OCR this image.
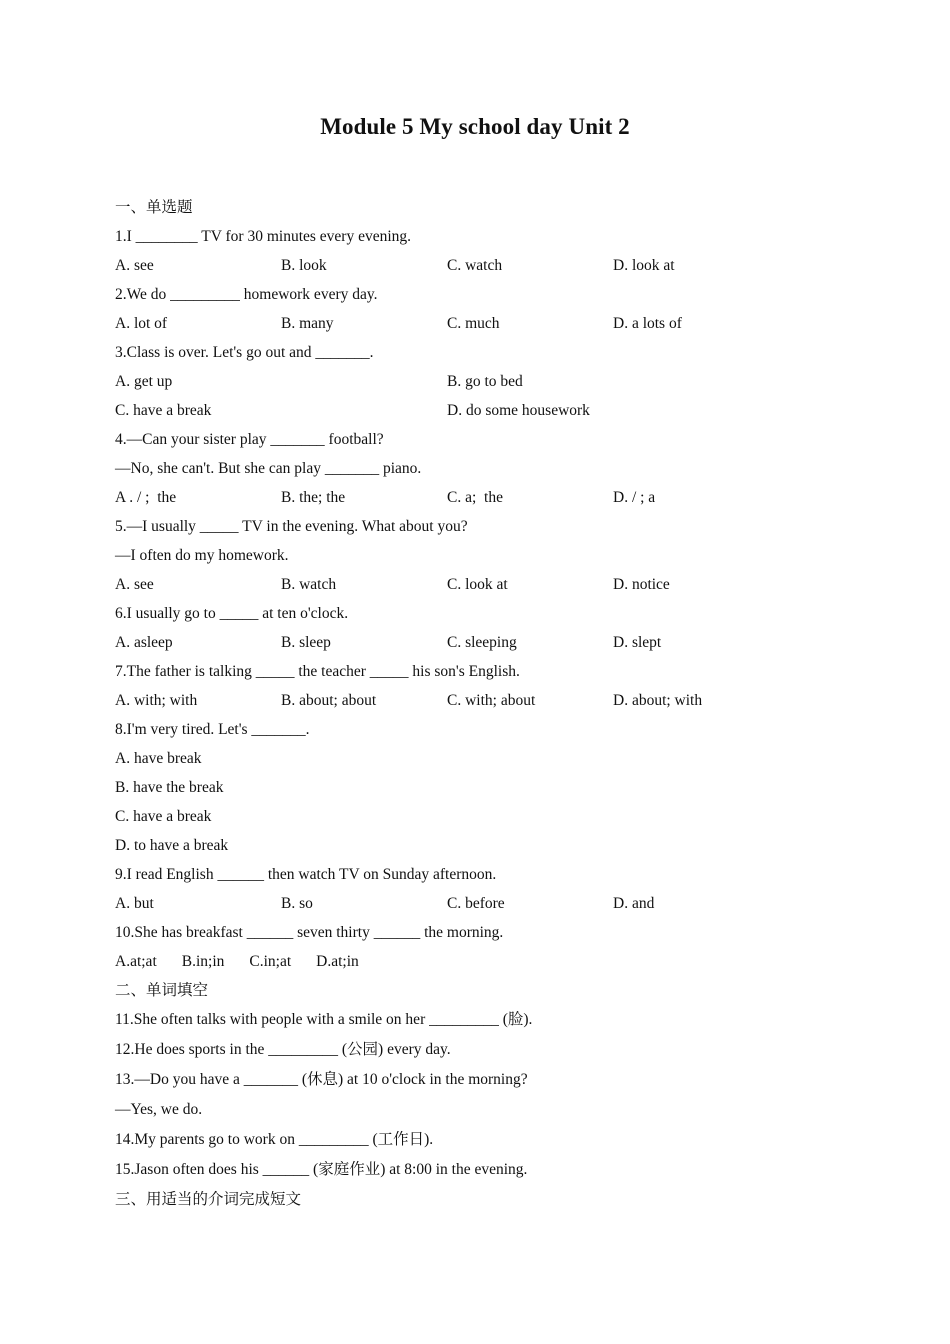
Module 5 My school day Unit 2
一、单选题
1.I ________ TV for 30 minutes every evening.
A. see	B. look	C. watch	D. look at
2.We do _________ homework every day.
A. lot of	B. many	C. much	D. a lots of
3.Class is over. Let's go out and _______.
A. get up	B. go to bed
C. have a break	D. do some housework
4.—Can your sister play _______ football?
—No, she can't. But she can play _______ piano.
A . / ;  the	B. the; the	C. a;  the	D. / ; a
5.—I usually _____ TV in the evening. What about you?
—I often do my homework.
A. see	B. watch	C. look at	D. notice
6.I usually go to _____ at ten o'clock.
A. asleep	B. sleep	C. sleeping	D. slept
7.The father is talking _____ the teacher _____ his son's English.
A. with; with	B. about; about	C. with; about	D. about; with
8.I'm very tired. Let's _______.
A. have break
B. have the break
C. have a break
D. to have a break
9.I read English ______ then watch TV on Sunday afternoon.
A. but	B. so	C. before	D. and
10.She has breakfast ______ seven thirty ______ the morning.
A.at;at B.in;in C.in;at D.at;in
二、单词填空
11.She often talks with people with a smile on her _________ (脸).
12.He does sports in the _________ (公园) every day.
13.—Do you have a _______ (休息) at 10 o'clock in the morning?
—Yes, we do.
14.My parents go to work on _________ (工作日).
15.Jason often does his ______ (家庭作业) at 8:00 in the evening.
三、用适当的介词完成短文
